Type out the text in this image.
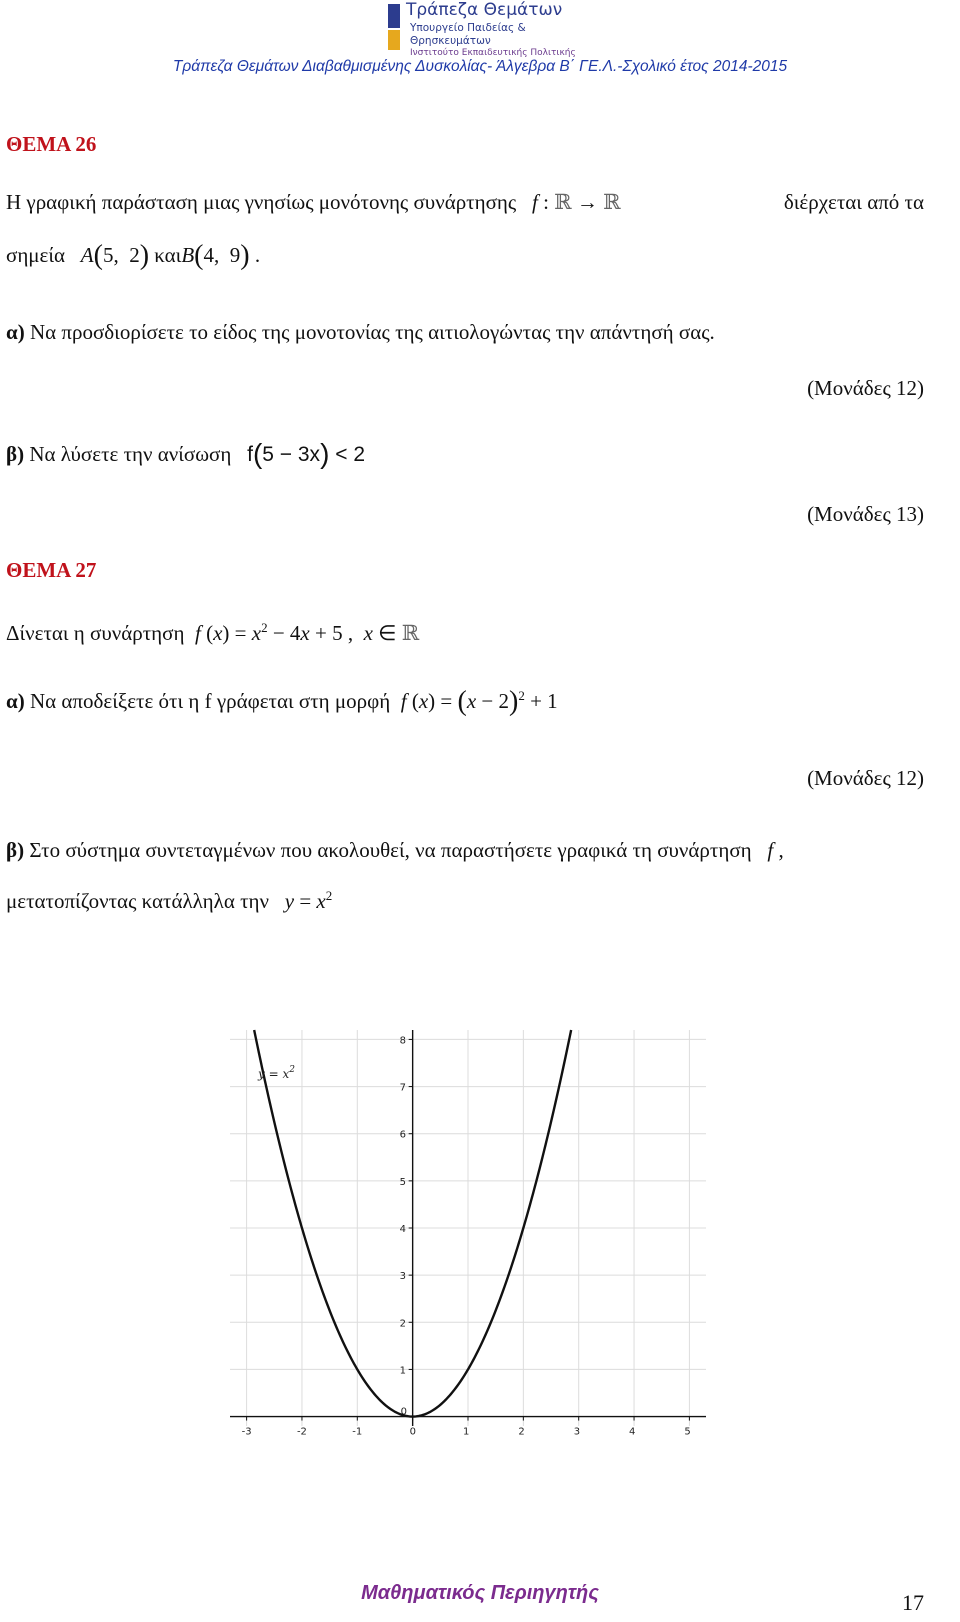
Τράπεζα Θεμάτων
Υπουργείο Παιδείας &
Θρησκευμάτων
Ινστιτούτο Εκπαιδευτικής Πολιτικής
Τράπεζα Θεμάτων Διαβαθμισμένης Δυσκολίας- Άλγεβρα Β΄ ΓΕ.Λ.-Σχολικό έτος 2014-2015
ΘΕΜΑ 26
Η γραφική παράσταση μιας γνησίως μονότονης συνάρτησης f : ℝ → ℝ	διέρχεται από τα
σημεία A(5,  2) καιB(4,  9) .
α) Να προσδιορίσετε το είδος της μονοτονίας της αιτιολογώντας την απάντησή σας.
(Μονάδες 12)
β) Να λύσετε την ανίσωση f(5 − 3x) < 2
(Μονάδες 13)
ΘΕΜΑ 27
Δίνεται η συνάρτηση f $(x) = x^2 - 4x + 5$ ,  x ∈ ℝ
α) Να αποδείξετε ότι η f γράφεται στη μορφή f $(x) = (x - 2)^2 + 1$
(Μονάδες 12)
β) Στο σύστημα συντεταγμένων που ακολουθεί, να παραστήσετε γραφικά τη συνάρτηση f ,
μετατοπίζοντας κατάλληλα την $y = x^2$
-3	-2	-1	0	1	2	3	4	5
1
2
3
4
5
6
7
8
0
$y = x^2$
Μαθηματικός Περιηγητής	17
